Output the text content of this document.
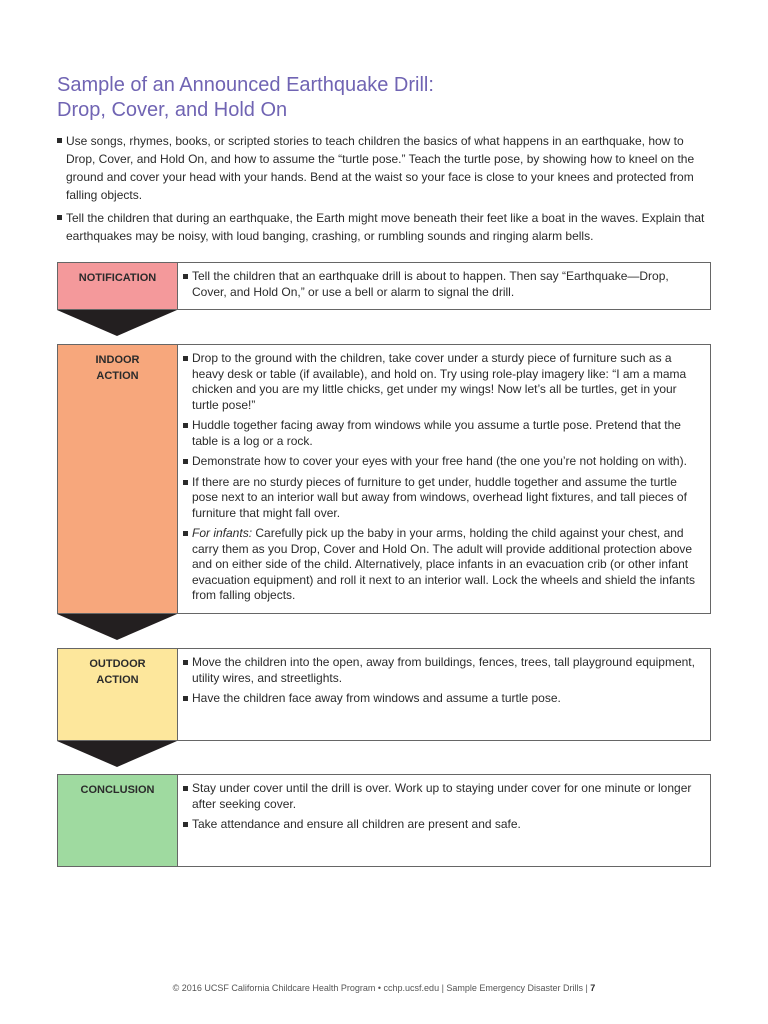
Sample of an Announced Earthquake Drill:
Drop, Cover, and Hold On
Use songs, rhymes, books, or scripted stories to teach children the basics of what happens in an earthquake, how to Drop, Cover, and Hold On, and how to assume the “turtle pose.” Teach the turtle pose, by showing how to kneel on the ground and cover your head with your hands. Bend at the waist so your face is close to your knees and protected from falling objects.
Tell the children that during an earthquake, the Earth might move beneath their feet like a boat in the waves. Explain that earthquakes may be noisy, with loud banging, crashing, or rumbling sounds and ringing alarm bells.
NOTIFICATION	Tell the children that an earthquake drill is about to happen. Then say “Earthquake—Drop, Cover, and Hold On,” or use a bell or alarm to signal the drill.
INDOOR
ACTION
Drop to the ground with the children, take cover under a sturdy piece of furniture such as a heavy desk or table (if available), and hold on. Try using role-play imagery like: “I am a mama chicken and you are my little chicks, get under my wings! Now let’s all be turtles, get in your turtle pose!”
Huddle together facing away from windows while you assume a turtle pose. Pretend that the table is a log or a rock.
Demonstrate how to cover your eyes with your free hand (the one you’re not holding on with).
If there are no sturdy pieces of furniture to get under, huddle together and assume the turtle pose next to an interior wall but away from windows, overhead light fixtures, and tall pieces of furniture that might fall over.
For infants: Carefully pick up the baby in your arms, holding the child against your chest, and carry them as you Drop, Cover and Hold On. The adult will provide additional protection above and on either side of the child. Alternatively, place infants in an evacuation crib (or other infant evacuation equipment) and roll it next to an interior wall. Lock the wheels and shield the infants from falling objects.
OUTDOOR
ACTION
Move the children into the open, away from buildings, fences, trees, tall playground equipment, utility wires, and streetlights.
Have the children face away from windows and assume a turtle pose.
CONCLUSION	Stay under cover until the drill is over. Work up to staying under cover for one minute or longer after seeking cover.
Take attendance and ensure all children are present and safe.
© 2016 UCSF California Childcare Health Program • cchp.ucsf.edu | Sample Emergency Disaster Drills | 7
